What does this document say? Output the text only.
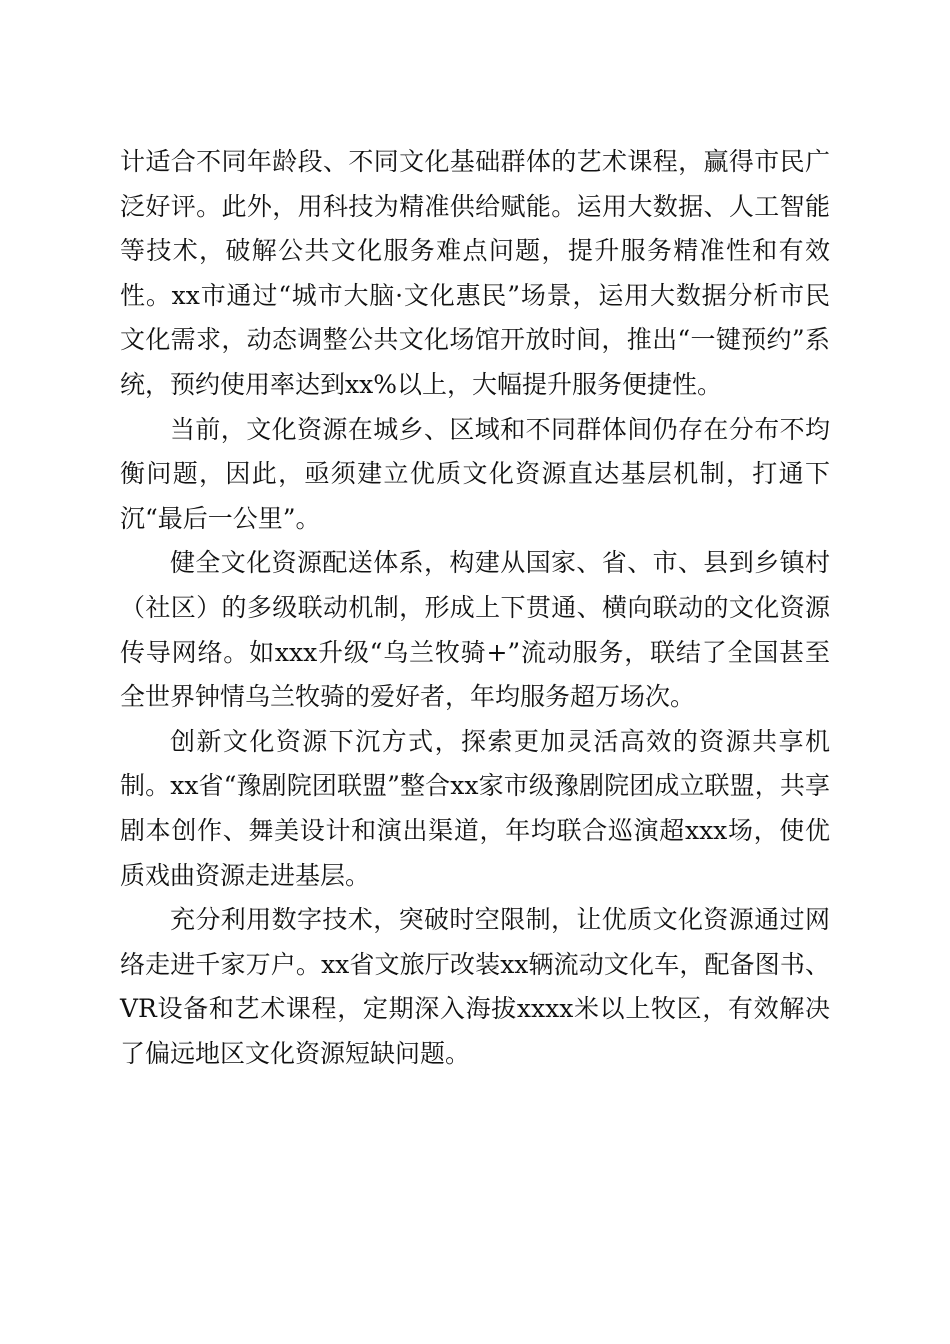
计适合不同年龄段、不同文化基础群体的艺术课程，赢得市民广泛好评。此外，用科技为精准供给赋能。运用大数据、人工智能等技术，破解公共文化服务难点问题，提升服务精准性和有效性。xx市通过“城市大脑·文化惠民”场景，运用大数据分析市民文化需求，动态调整公共文化场馆开放时间，推出“一键预约”系统，预约使用率达到xx%以上，大幅提升服务便捷性。

当前，文化资源在城乡、区域和不同群体间仍存在分布不均衡问题，因此，亟须建立优质文化资源直达基层机制，打通下沉“最后一公里”。

健全文化资源配送体系，构建从国家、省、市、县到乡镇村（社区）的多级联动机制，形成上下贯通、横向联动的文化资源传导网络。如xxx升级“乌兰牧骑+”流动服务，联结了全国甚至全世界钟情乌兰牧骑的爱好者，年均服务超万场次。

创新文化资源下沉方式，探索更加灵活高效的资源共享机制。xx省“豫剧院团联盟”整合xx家市级豫剧院团成立联盟，共享剧本创作、舞美设计和演出渠道，年均联合巡演超xxx场，使优质戏曲资源走进基层。

充分利用数字技术，突破时空限制，让优质文化资源通过网络走进千家万户。xx省文旅厅改装xx辆流动文化车，配备图书、VR设备和艺术课程，定期深入海拔xxxx米以上牧区，有效解决了偏远地区文化资源短缺问题。
